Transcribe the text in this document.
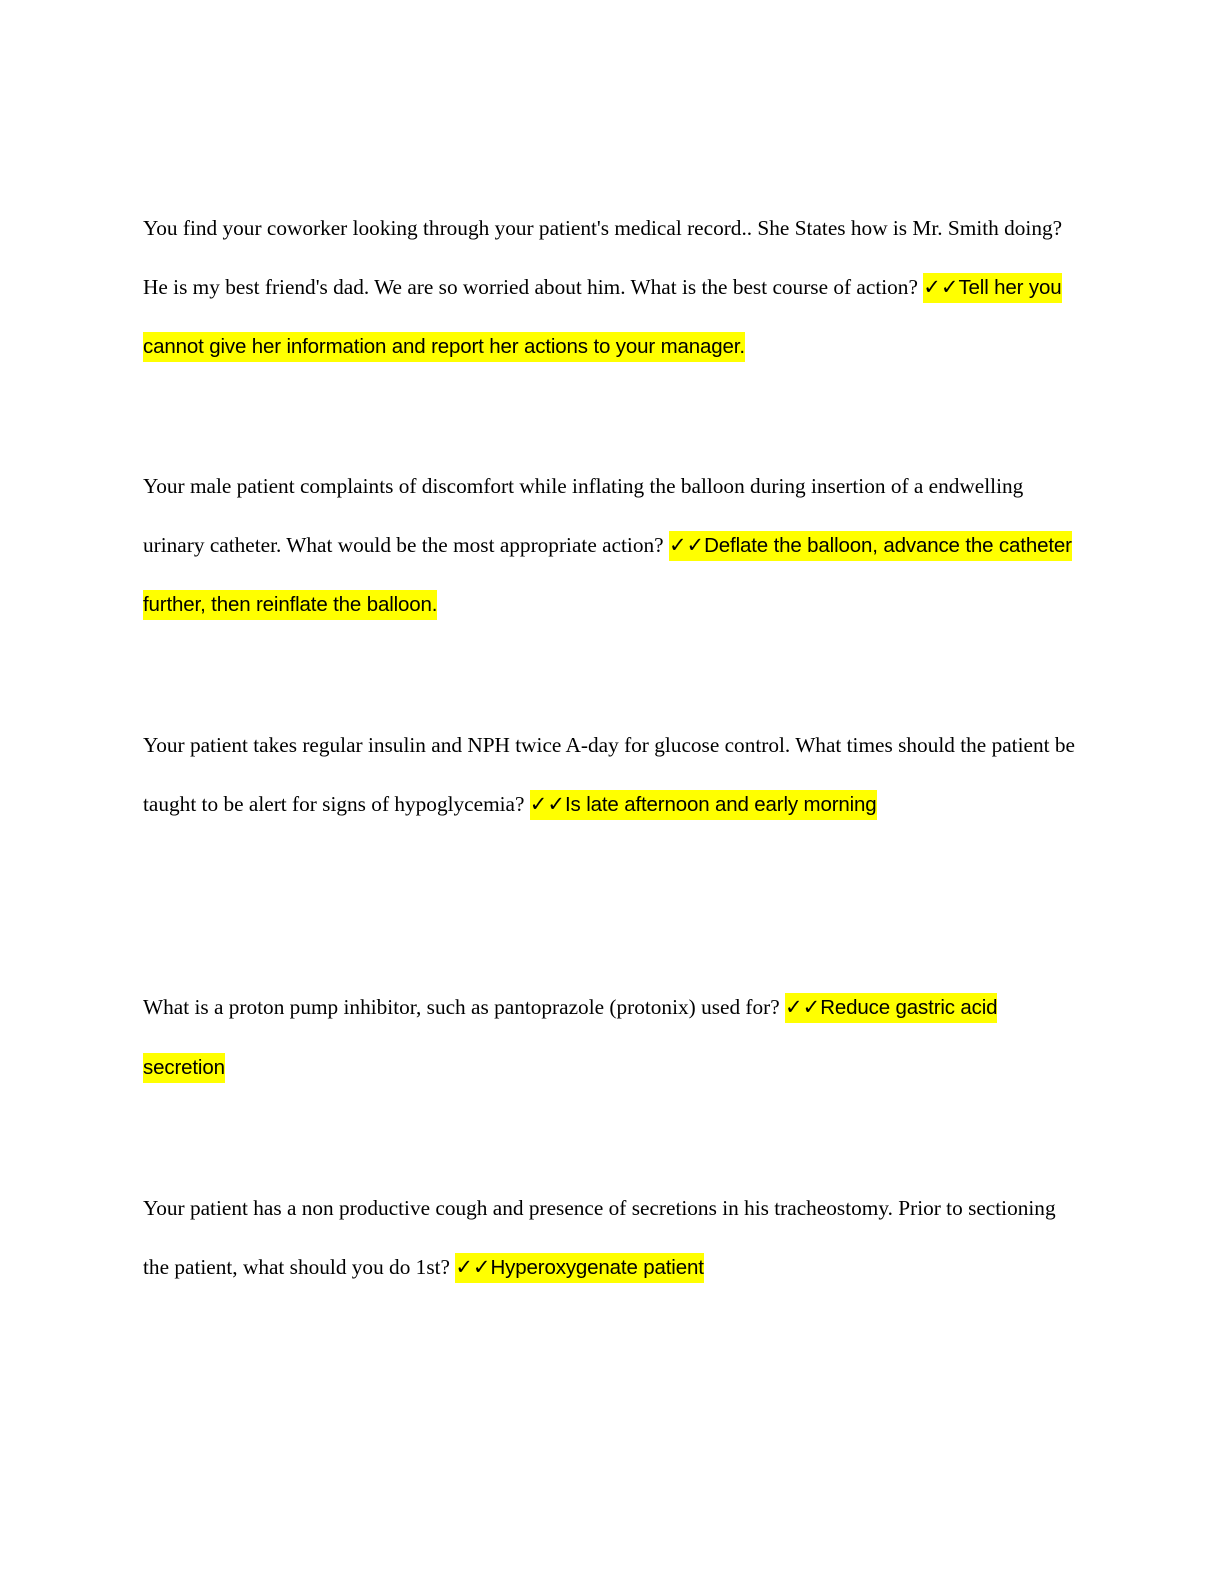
You find your coworker looking through your patient's medical record.. She States how is Mr. Smith doing? He is my best friend's dad. We are so worried about him. What is the best course of action? ✓✓Tell her you cannot give her information and report her actions to your manager.

Your male patient complaints of discomfort while inflating the balloon during insertion of a endwelling urinary catheter. What would be the most appropriate action? ✓✓Deflate the balloon, advance the catheter further, then reinflate the balloon.

Your patient takes regular insulin and NPH twice A-day for glucose control. What times should the patient be taught to be alert for signs of hypoglycemia? ✓✓Is late afternoon and early morning

What is a proton pump inhibitor, such as pantoprazole (protonix) used for? ✓✓Reduce gastric acid secretion

Your patient has a non productive cough and presence of secretions in his tracheostomy. Prior to sectioning the patient, what should you do 1st? ✓✓Hyperoxygenate patient
